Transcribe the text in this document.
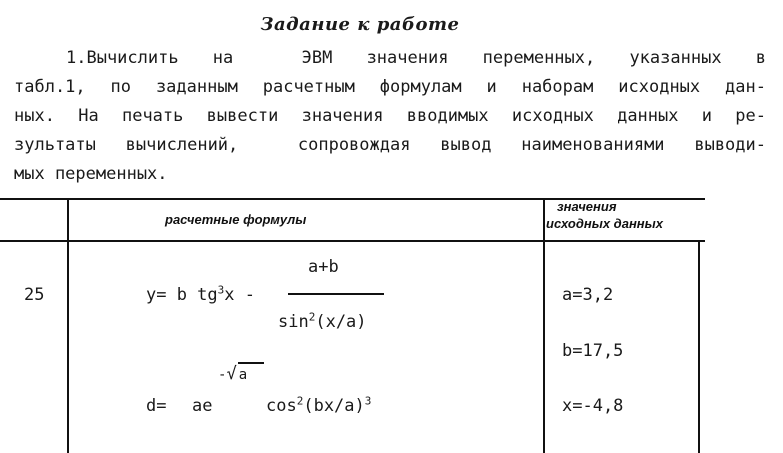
Задание к работе
1.Вычислить на  ЭВМ значения переменных, указанных в
табл.1, по заданным расчетным формулам и наборам исходных дан-
ных. На печать вывести значения вводимых исходных данных и ре-
зультаты вычислений,  сопровождая вывод наименованиями выводи-
мых переменных.
расчетные формулы
значения
исходных данных
25
a+b
y= b $tg^3x$ -
$\sin^2(x/a)$
-√ a
d= ae	$\cos^2(bx/a)^3$
a=3,2
b=17,5
x=-4,8
